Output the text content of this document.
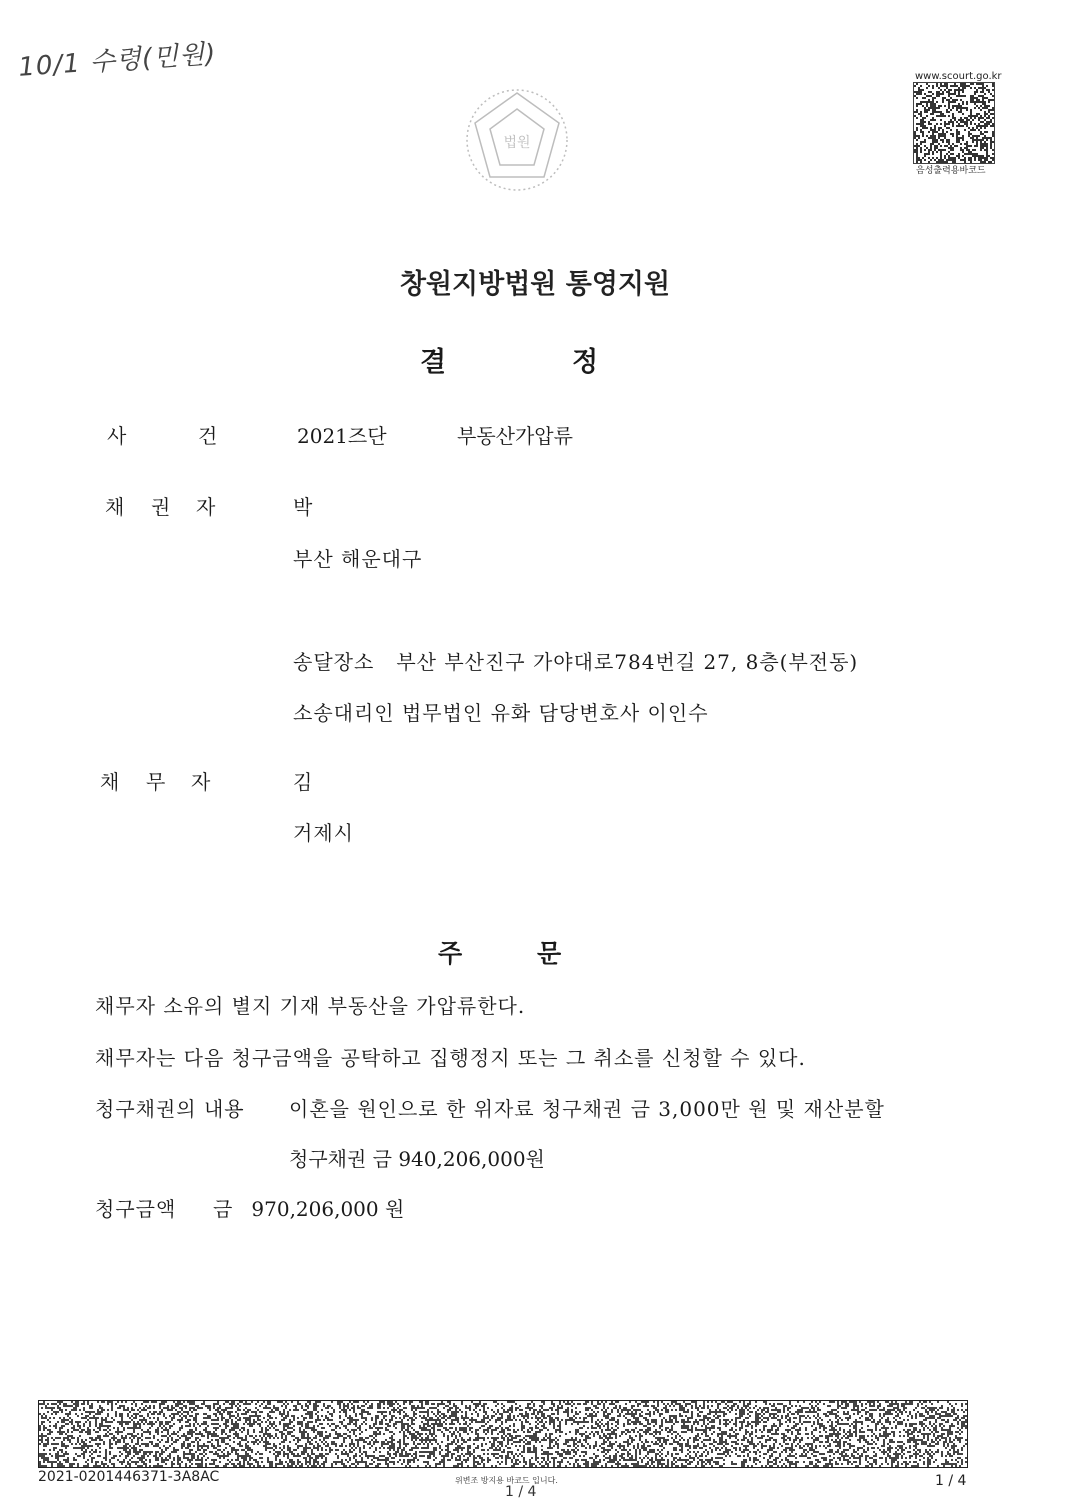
10/1 수령(민원)
법원
www.scourt.go.kr
음성출력용바코드
창원지방법원 통영지원
결	정
사	건	2021즈단	부동산가압류
채 권 자	박
부산 해운대구
송달장소   부산 부산진구 가야대로784번길 27, 8층(부전동)
소송대리인 법무법인 유화 담당변호사 이인수
채 무 자	김
거제시
주	문
채무자 소유의 별지 기재 부동산을 가압류한다.
채무자는 다음 청구금액을 공탁하고 집행정지 또는 그 취소를 신청할 수 있다.
청구채권의 내용 이혼을 원인으로 한 위자료 청구채권 금 3,000만 원 및 재산분할
청구채권 금 940,206,000원
청구금액 금   970,206,000 원
2021-0201446371-3A8AC	위변조 방지용 바코드 입니다.
1 / 4
1 / 4
